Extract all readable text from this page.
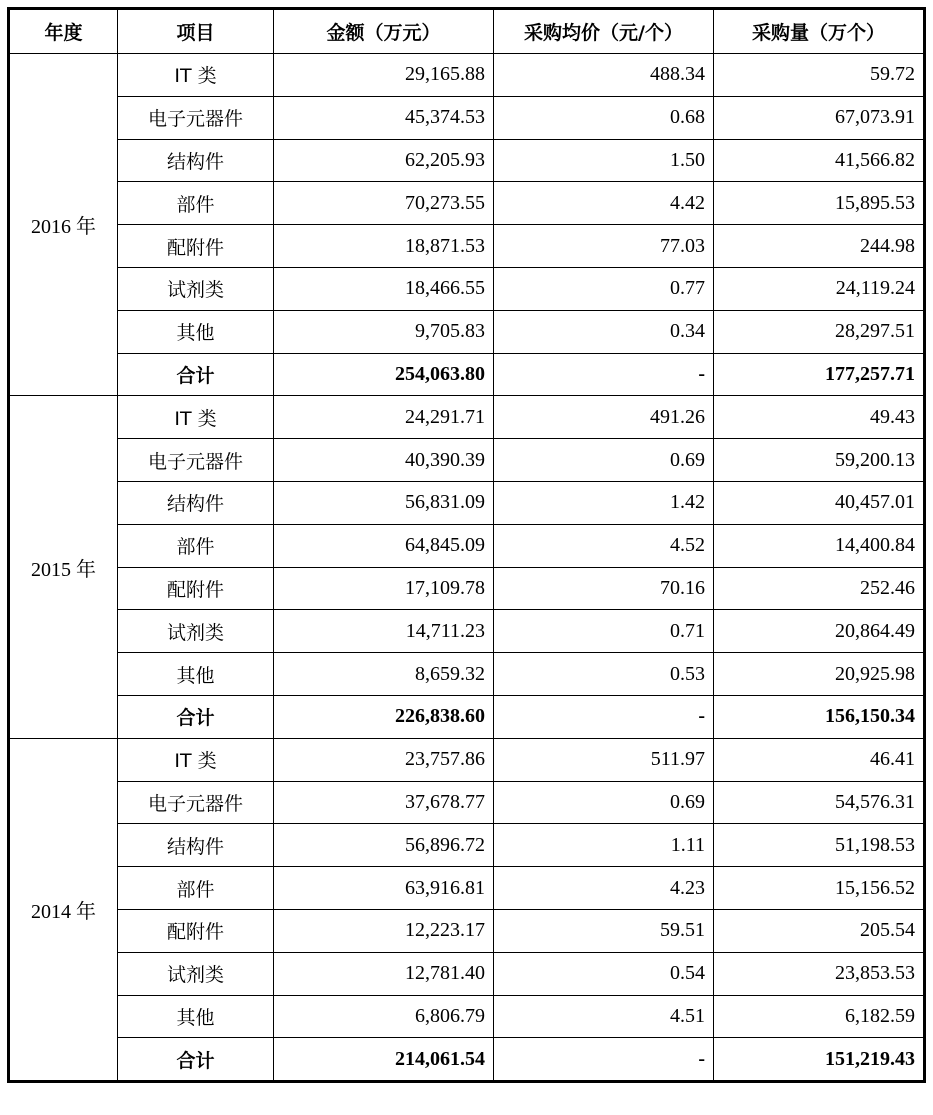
年度	项目	金额（万元）	采购均价（元/个）	采购量（万个）
2016 年	IT 类	29,165.88	488.34	59.72
	电子元器件	45,374.53	0.68	67,073.91
	结构件	62,205.93	1.50	41,566.82
	部件	70,273.55	4.42	15,895.53
	配附件	18,871.53	77.03	244.98
	试剂类	18,466.55	0.77	24,119.24
	其他	9,705.83	0.34	28,297.51
	合计	254,063.80	-	177,257.71
2015 年	IT 类	24,291.71	491.26	49.43
	电子元器件	40,390.39	0.69	59,200.13
	结构件	56,831.09	1.42	40,457.01
	部件	64,845.09	4.52	14,400.84
	配附件	17,109.78	70.16	252.46
	试剂类	14,711.23	0.71	20,864.49
	其他	8,659.32	0.53	20,925.98
	合计	226,838.60	-	156,150.34
2014 年	IT 类	23,757.86	511.97	46.41
	电子元器件	37,678.77	0.69	54,576.31
	结构件	56,896.72	1.11	51,198.53
	部件	63,916.81	4.23	15,156.52
	配附件	12,223.17	59.51	205.54
	试剂类	12,781.40	0.54	23,853.53
	其他	6,806.79	4.51	6,182.59
	合计	214,061.54	-	151,219.43
